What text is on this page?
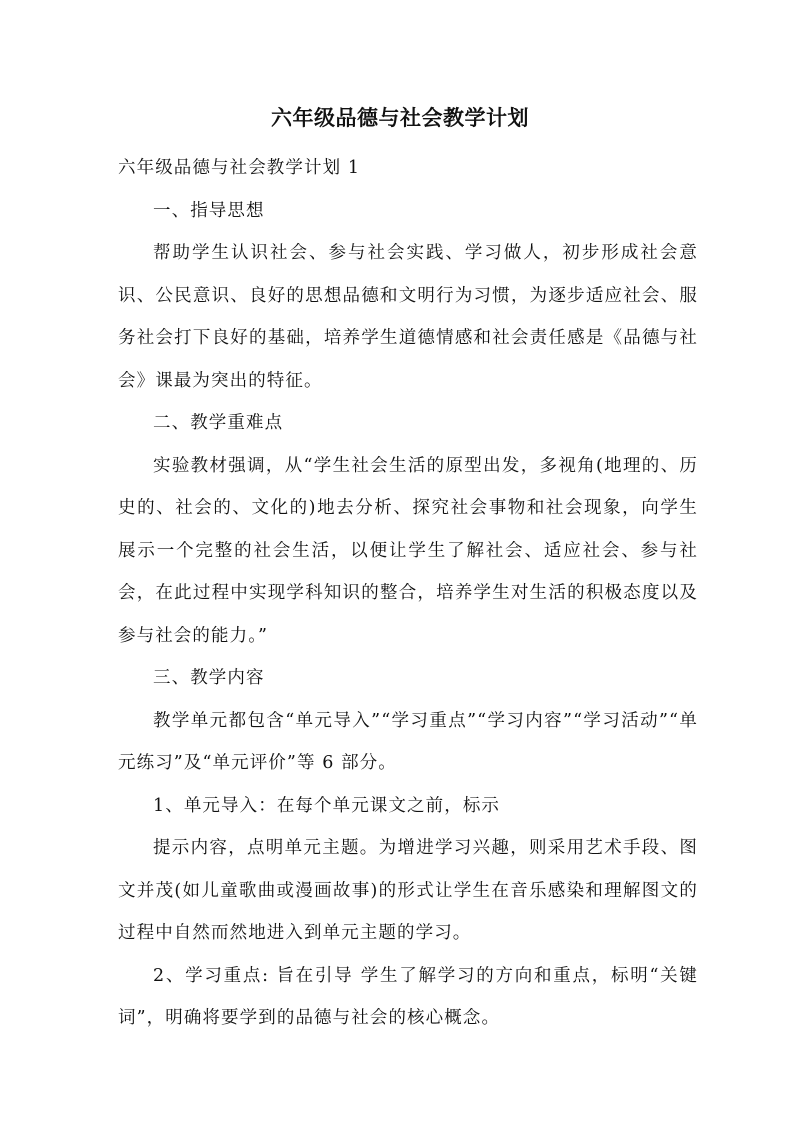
六年级品德与社会教学计划

六年级品德与社会教学计划 1

一、指导思想

帮助学生认识社会、参与社会实践、学习做人，初步形成社会意识、公民意识、良好的思想品德和文明行为习惯，为逐步适应社会、服务社会打下良好的基础，培养学生道德情感和社会责任感是《品德与社会》课最为突出的特征。

二、教学重难点

实验教材强调，从“学生社会生活的原型出发，多视角(地理的、历史的、社会的、文化的)地去分析、探究社会事物和社会现象，向学生展示一个完整的社会生活，以便让学生了解社会、适应社会、参与社会，在此过程中实现学科知识的整合，培养学生对生活的积极态度以及参与社会的能力。”

三、教学内容

教学单元都包含“单元导入”“学习重点”“学习内容”“学习活动”“单元练习”及“单元评价”等 6 部分。

1、单元导入：在每个单元课文之前，标示

提示内容，点明单元主题。为增进学习兴趣，则采用艺术手段、图文并茂(如儿童歌曲或漫画故事)的形式让学生在音乐感染和理解图文的过程中自然而然地进入到单元主题的学习。

2、学习重点: 旨在引导 学生了解学习的方向和重点，标明“关键词”，明确将要学到的品德与社会的核心概念。
